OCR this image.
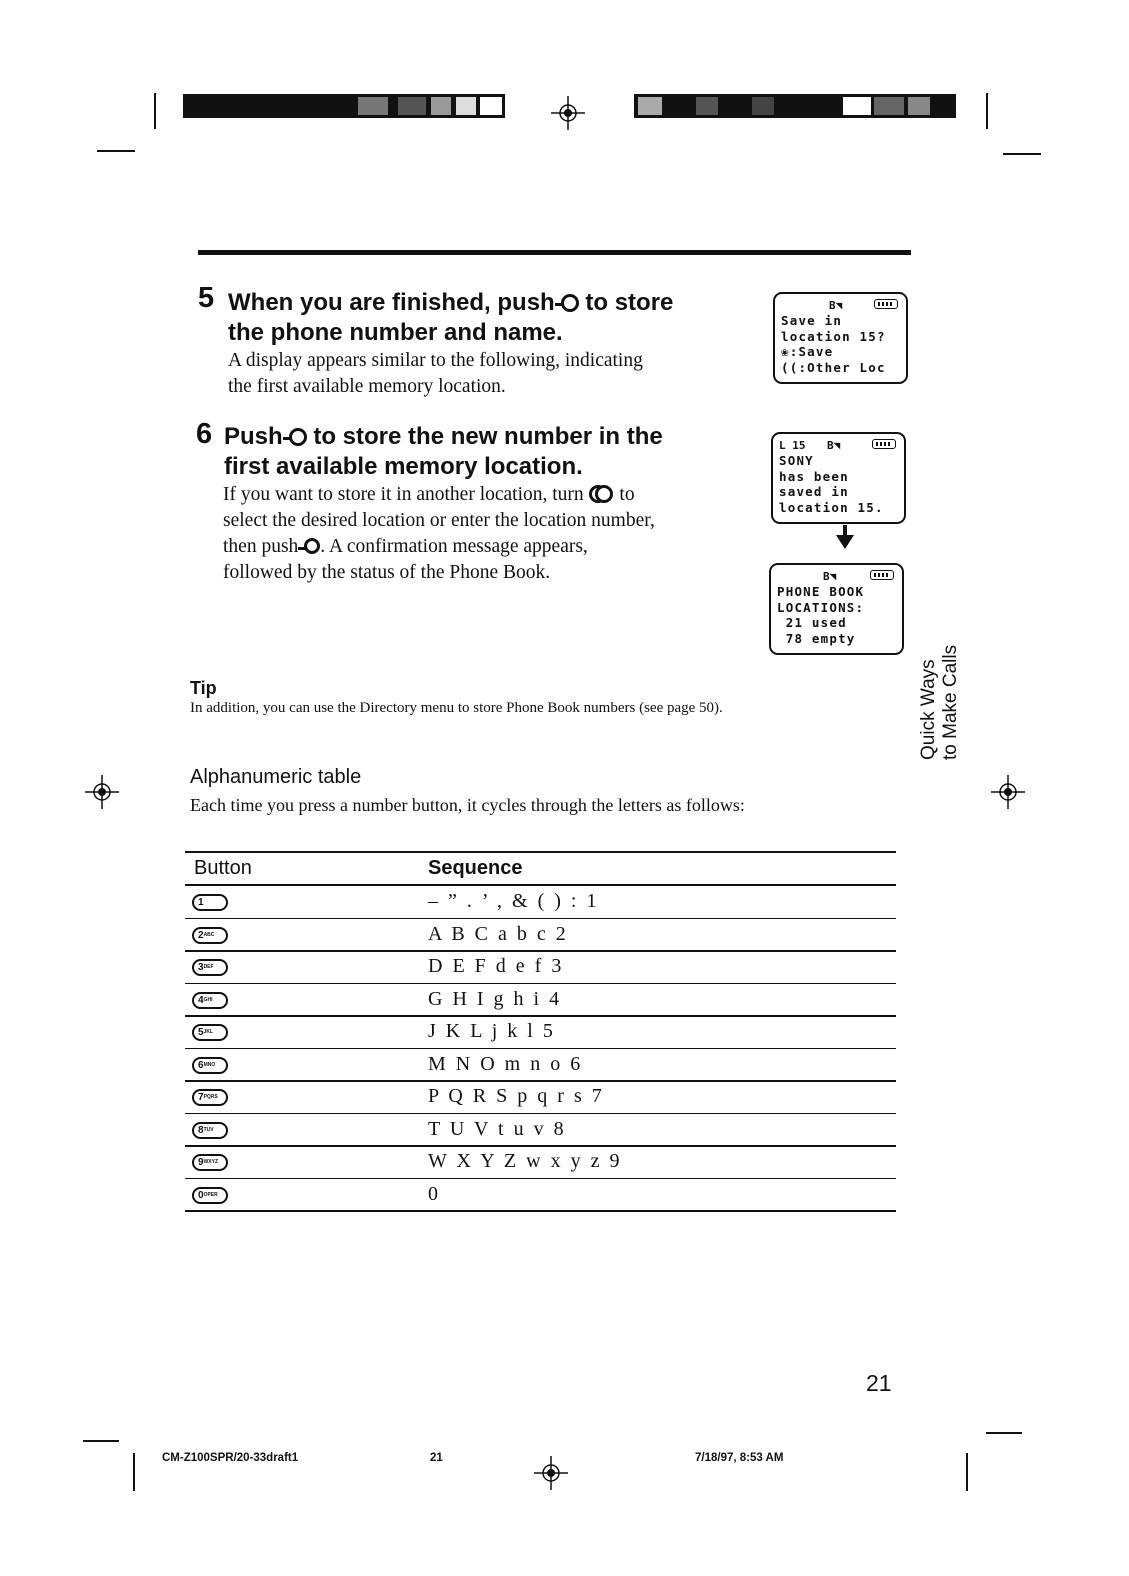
5 When you are finished, push to store
the phone number and name.
A display appears similar to the following, indicating
the first available memory location.
6 Push to store the new number in the
first available memory location.
If you want to store it in another location, turn to
select the desired location or enter the location number,
then push . A confirmation message appears,
followed by the status of the Phone Book.
B◥
Save in
location 15?
❀:Save
((:Other Loc
L 15 B◥
SONY
has been
saved in
location 15.
B◥
PHONE BOOK
LOCATIONS:
21 used
78 empty
Quick Ways to Make Calls
Tip
In addition, you can use the Directory menu to store Phone Book numbers (see page 50).
Alphanumeric table
Each time you press a number button, it cycles through the letters as follows:
Button	Sequence
1	–  ”  .  ’  ,  &  (  )  :  1
$2^{ABC}$	A  B  C  a  b  c  2
$3^{DEF}$	D  E  F  d  e  f  3
$4^{GHI}$	G  H  I  g  h  i  4
$5^{JKL}$	J  K  L  j  k  l  5
$6^{MNO}$	M  N  O  m  n  o  6
$7^{PQRS}$	P  Q  R  S  p  q  r  s  7
$8^{TUV}$	T  U  V  t  u  v  8
$9^{WXYZ}$	W  X  Y  Z  w  x  y  z  9
$0^{OPER}$	0
21
CM-Z100SPR/20-33draft1	21	7/18/97, 8:53 AM
